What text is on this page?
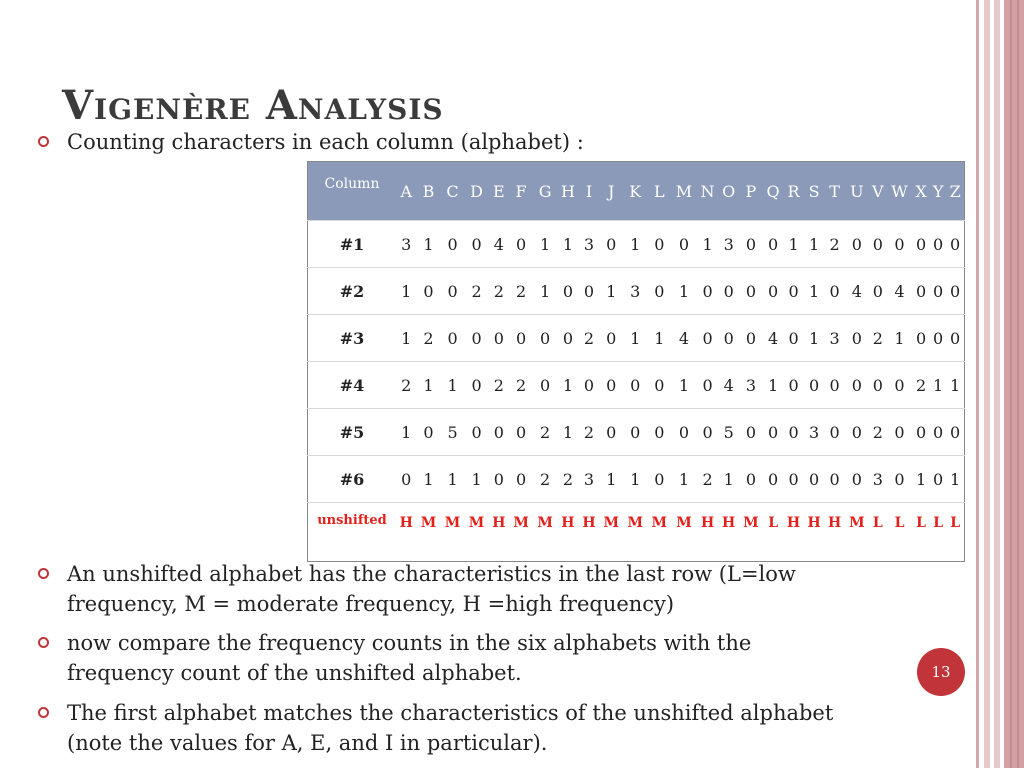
Vigenère Analysis
Counting characters in each column (alphabet) :
Column	A	B	C	D	E	F	G	H	I	J	K	L	M	N	O	P	Q	R	S	T	U	V	W	X	Y	Z
#1	3	1	0	0	4	0	1	1	3	0	1	0	0	1	3	0	0	1	1	2	0	0	0	0	0	0
#2	1	0	0	2	2	2	1	0	0	1	3	0	1	0	0	0	0	0	1	0	4	0	4	0	0	0
#3	1	2	0	0	0	0	0	0	2	0	1	1	4	0	0	0	4	0	1	3	0	2	1	0	0	0
#4	2	1	1	0	2	2	0	1	0	0	0	0	1	0	4	3	1	0	0	0	0	0	0	2	1	1
#5	1	0	5	0	0	0	2	1	2	0	0	0	0	0	5	0	0	0	3	0	0	2	0	0	0	0
#6	0	1	1	1	0	0	2	2	3	1	1	0	1	2	1	0	0	0	0	0	0	3	0	1	0	1
unshifted	H	M	M	M	H	M	M	H	H	M	M	M	M	H	H	M	L	H	H	H	M	L	L	L	L	L
An unshifted alphabet has the characteristics in the last row (L=low
frequency, M = moderate frequency, H =high frequency)
now compare the frequency counts in the six alphabets with the
frequency count of the unshifted alphabet.
The first alphabet matches the characteristics of the unshifted alphabet
(note the values for A, E, and I in particular).
13
